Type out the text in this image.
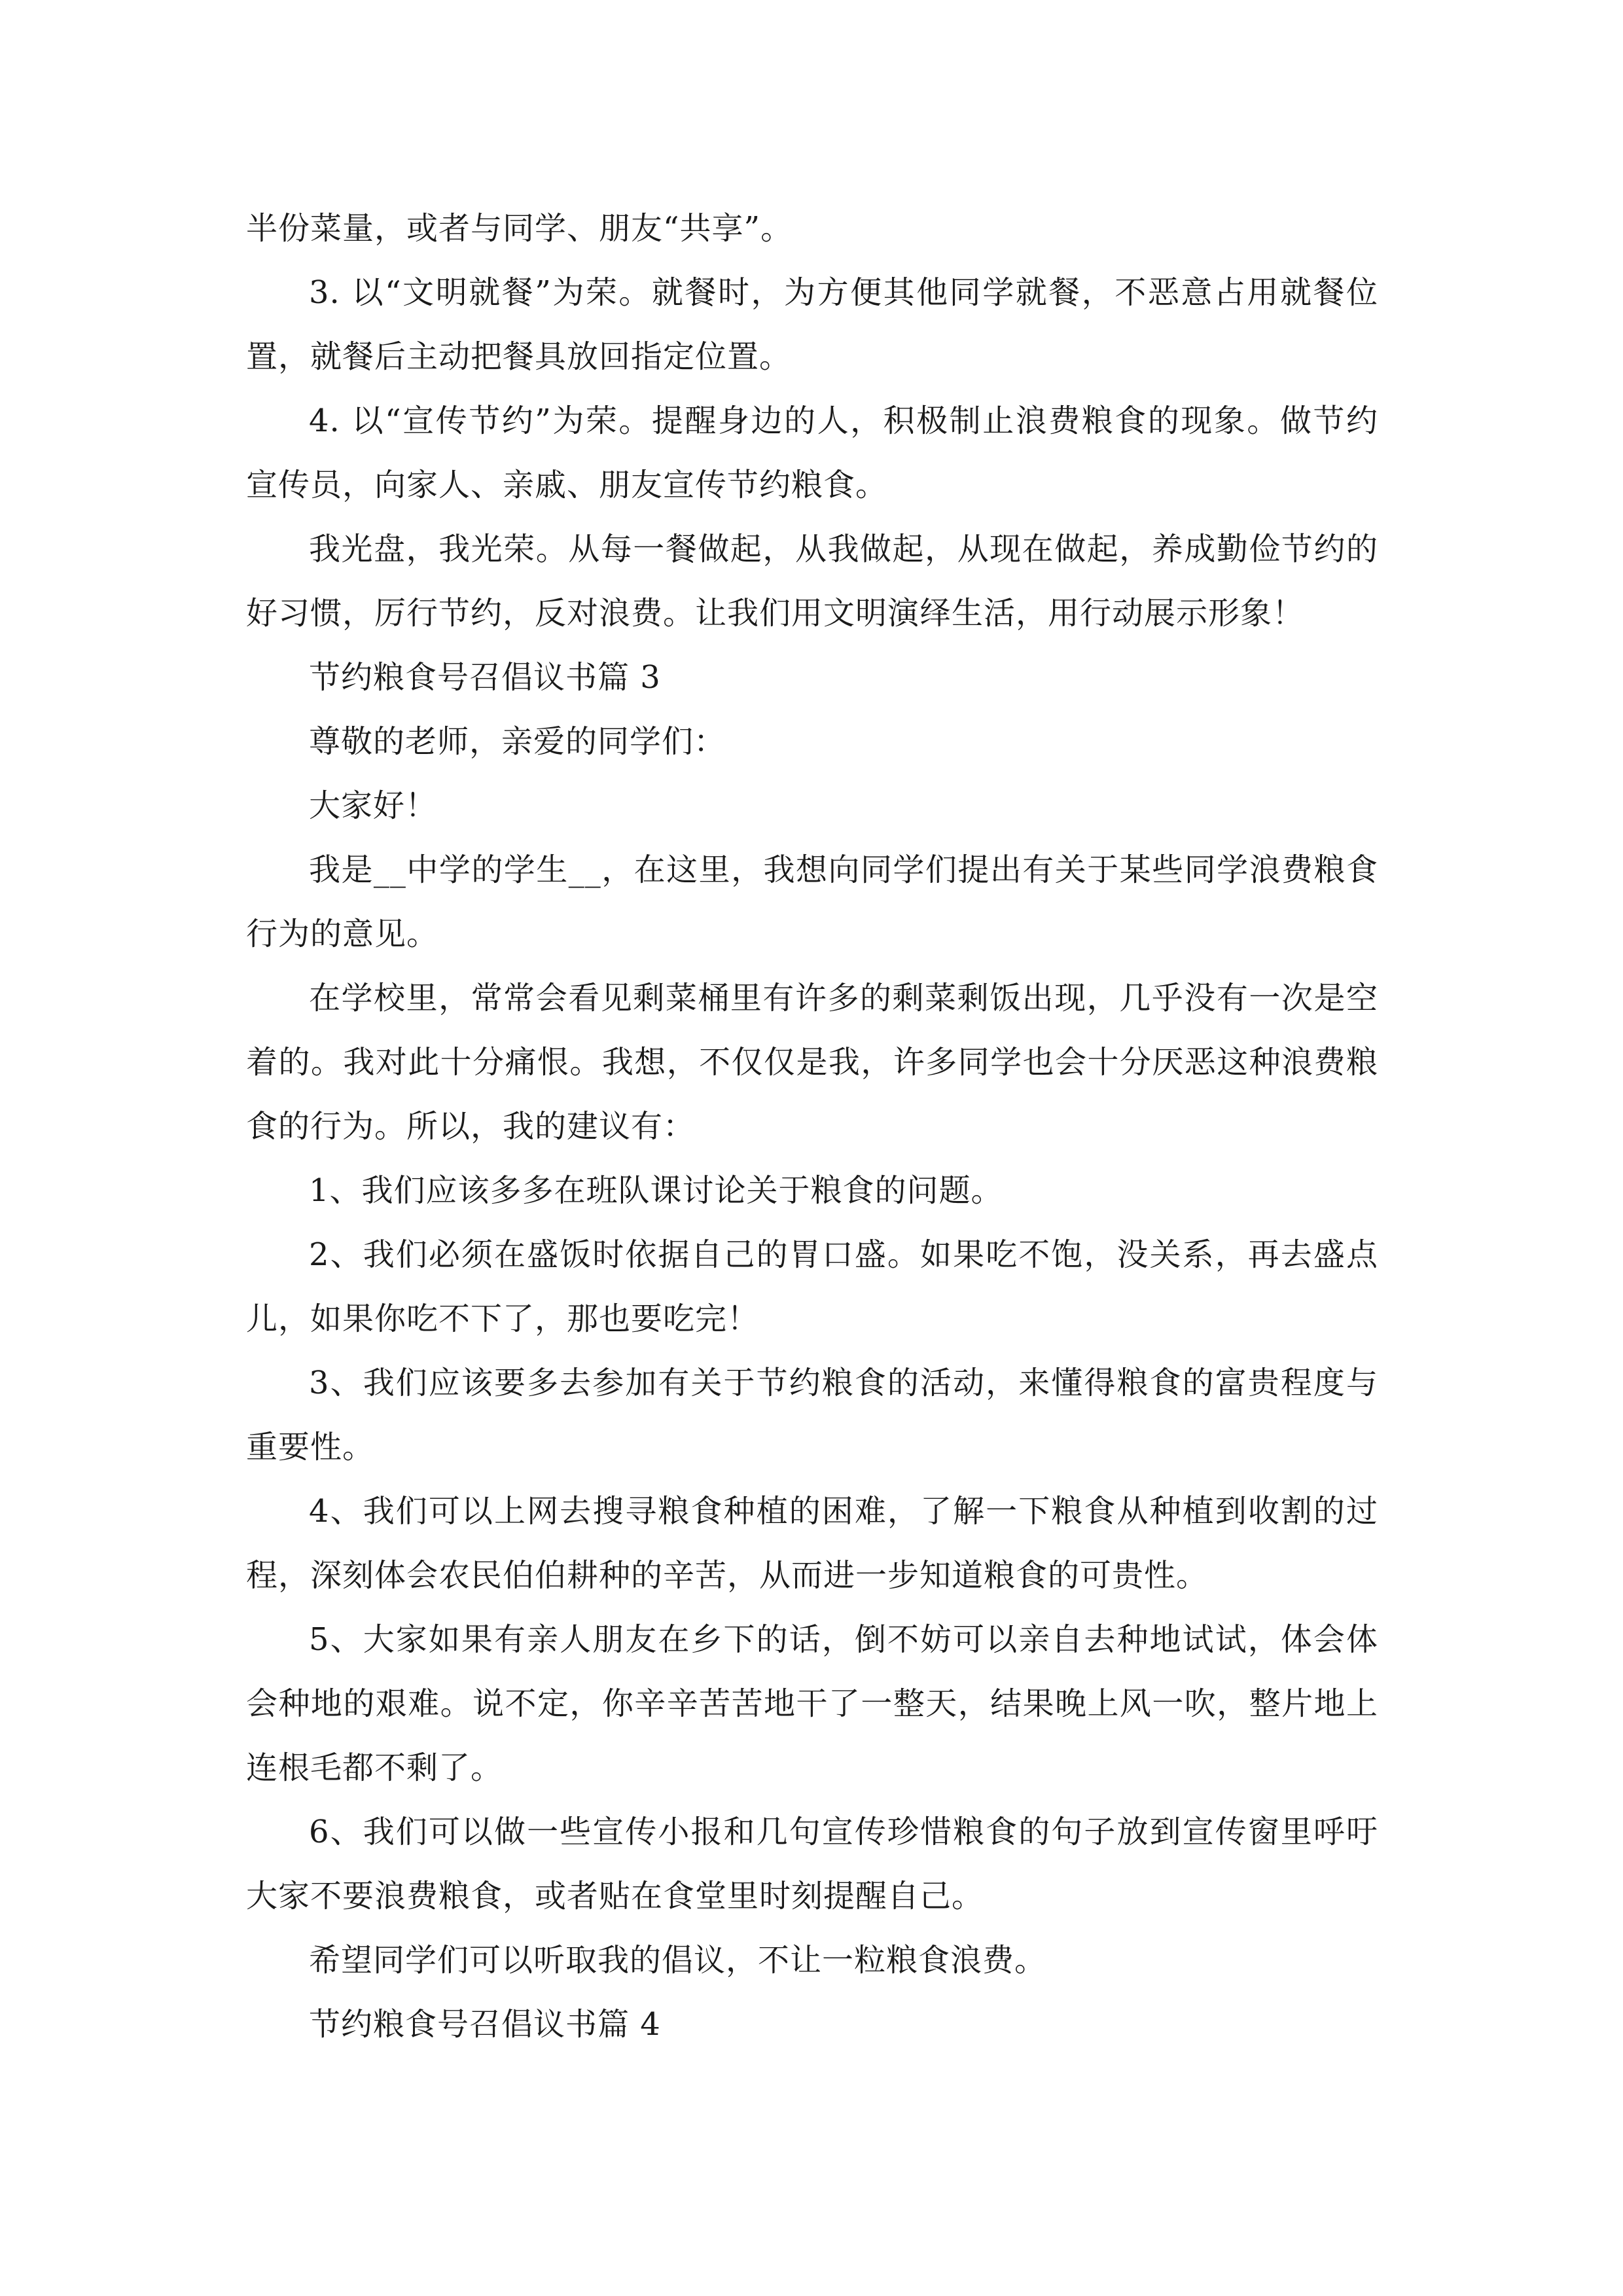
半份菜量，或者与同学、朋友“共享”。

3. 以“文明就餐”为荣。就餐时，为方便其他同学就餐，不恶意占用就餐位置，就餐后主动把餐具放回指定位置。

4. 以“宣传节约”为荣。提醒身边的人，积极制止浪费粮食的现象。做节约宣传员，向家人、亲戚、朋友宣传节约粮食。

我光盘，我光荣。从每一餐做起，从我做起，从现在做起，养成勤俭节约的好习惯，厉行节约，反对浪费。让我们用文明演绎生活，用行动展示形象！

节约粮食号召倡议书篇 3

尊敬的老师，亲爱的同学们：

大家好！

我是__中学的学生__，在这里，我想向同学们提出有关于某些同学浪费粮食行为的意见。

在学校里，常常会看见剩菜桶里有许多的剩菜剩饭出现，几乎没有一次是空着的。我对此十分痛恨。我想，不仅仅是我，许多同学也会十分厌恶这种浪费粮食的行为。所以，我的建议有：

1、我们应该多多在班队课讨论关于粮食的问题。

2、我们必须在盛饭时依据自己的胃口盛。如果吃不饱，没关系，再去盛点儿，如果你吃不下了，那也要吃完！

3、我们应该要多去参加有关于节约粮食的活动，来懂得粮食的富贵程度与重要性。

4、我们可以上网去搜寻粮食种植的困难，了解一下粮食从种植到收割的过程，深刻体会农民伯伯耕种的辛苦，从而进一步知道粮食的可贵性。

5、大家如果有亲人朋友在乡下的话，倒不妨可以亲自去种地试试，体会体会种地的艰难。说不定，你辛辛苦苦地干了一整天，结果晚上风一吹，整片地上连根毛都不剩了。

6、我们可以做一些宣传小报和几句宣传珍惜粮食的句子放到宣传窗里呼吁大家不要浪费粮食，或者贴在食堂里时刻提醒自己。

希望同学们可以听取我的倡议，不让一粒粮食浪费。

节约粮食号召倡议书篇 4
